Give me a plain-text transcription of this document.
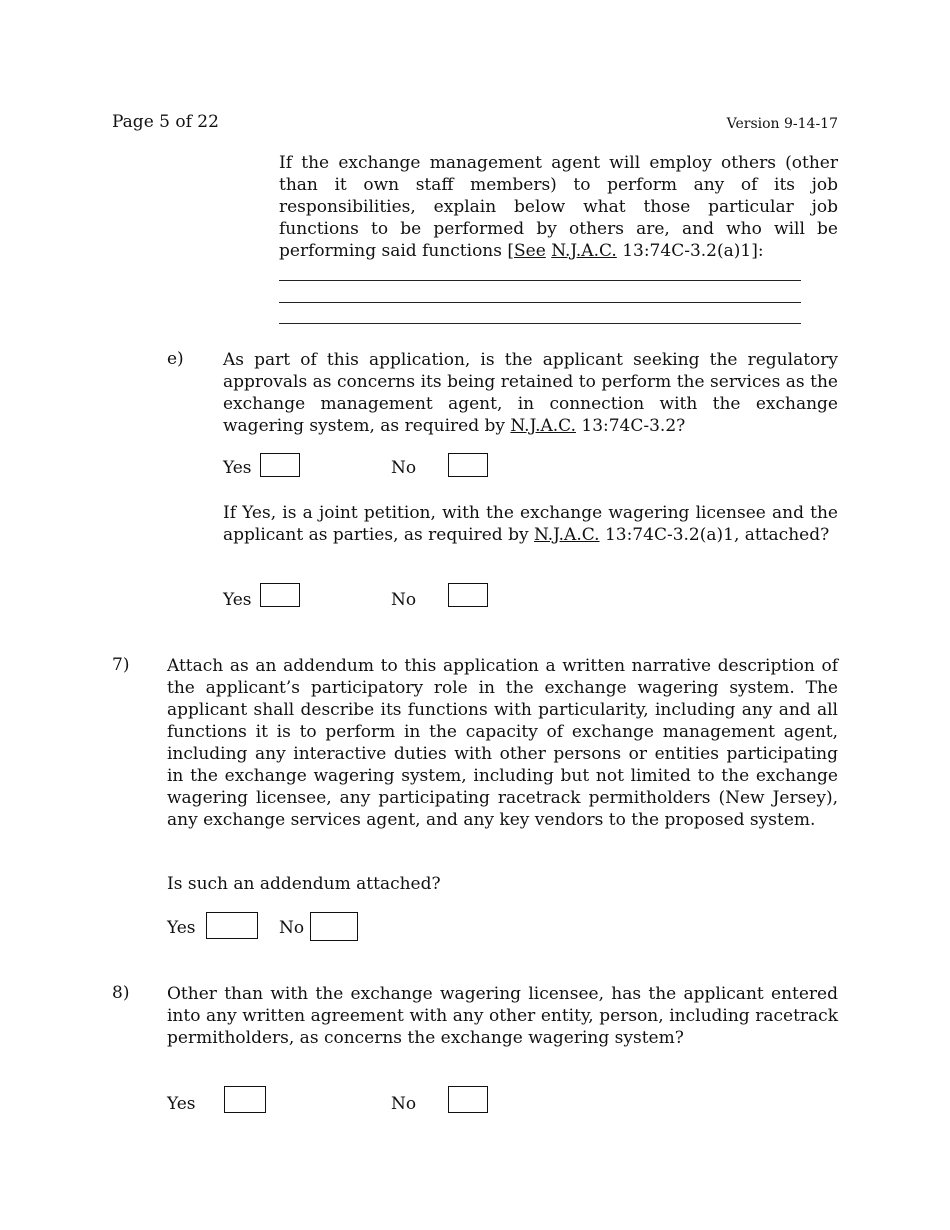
Page 5 of 22	Version 9-14-17
If the exchange management agent will employ others (other than it own staff members) to perform any of its job responsibilities, explain below what those particular job functions to be performed by others are, and who will be performing said functions [See N.J.A.C. 13:74C-3.2(a)1]:
e) As part of this application, is the applicant seeking the regulatory approvals as concerns its being retained to perform the services as the exchange management agent, in connection with the exchange wagering system, as required by N.J.A.C. 13:74C-3.2?
Yes	No
If Yes, is a joint petition, with the exchange wagering licensee and the applicant as parties, as required by N.J.A.C. 13:74C-3.2(a)1, attached?
Yes	No
7) Attach as an addendum to this application a written narrative description of the applicant’s participatory role in the exchange wagering system. The applicant shall describe its functions with particularity, including any and all functions it is to perform in the capacity of exchange management agent, including any interactive duties with other persons or entities participating in the exchange wagering system, including but not limited to the exchange wagering licensee, any participating racetrack permitholders (New Jersey), any exchange services agent, and any key vendors to the proposed system.
Is such an addendum attached?
Yes	No
8) Other than with the exchange wagering licensee, has the applicant entered into any written agreement with any other entity, person, including racetrack permitholders, as concerns the exchange wagering system?
Yes	No
